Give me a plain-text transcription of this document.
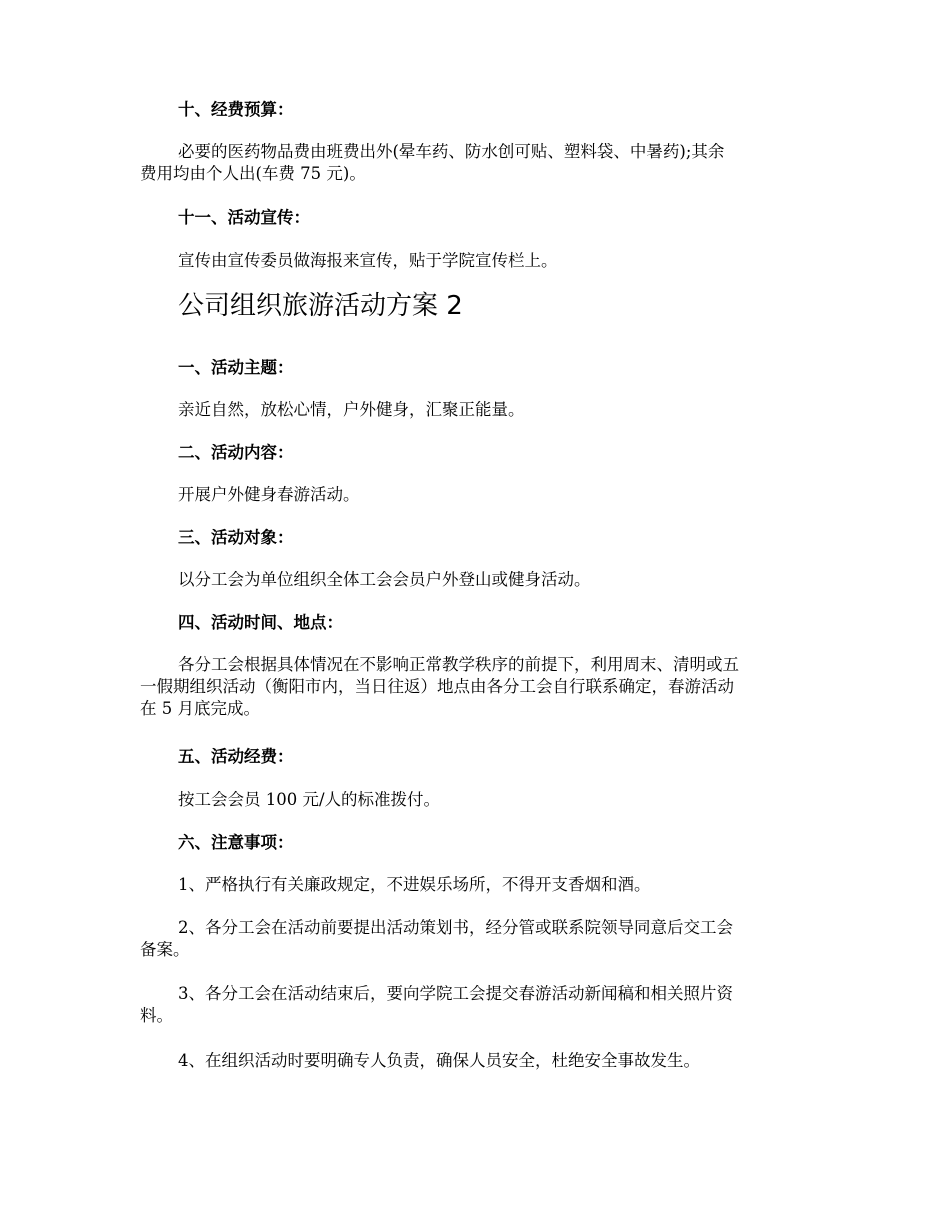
十、经费预算：

必要的医药物品费由班费出外(晕车药、防水创可贴、塑料袋、中暑药);其余
费用均由个人出(车费 75 元)。

十一、活动宣传：

宣传由宣传委员做海报来宣传，贴于学院宣传栏上。

公司组织旅游活动方案 2

一、活动主题：

亲近自然，放松心情，户外健身，汇聚正能量。

二、活动内容：

开展户外健身春游活动。

三、活动对象：

以分工会为单位组织全体工会会员户外登山或健身活动。

四、活动时间、地点：

各分工会根据具体情况在不影响正常教学秩序的前提下，利用周末、清明或五
一假期组织活动（衡阳市内，当日往返）地点由各分工会自行联系确定，春游活动
在 5 月底完成。

五、活动经费：

按工会会员 100 元/人的标准拨付。

六、注意事项：

1、严格执行有关廉政规定，不进娱乐场所，不得开支香烟和酒。

2、各分工会在活动前要提出活动策划书，经分管或联系院领导同意后交工会
备案。

3、各分工会在活动结束后，要向学院工会提交春游活动新闻稿和相关照片资
料。

4、在组织活动时要明确专人负责，确保人员安全，杜绝安全事故发生。
